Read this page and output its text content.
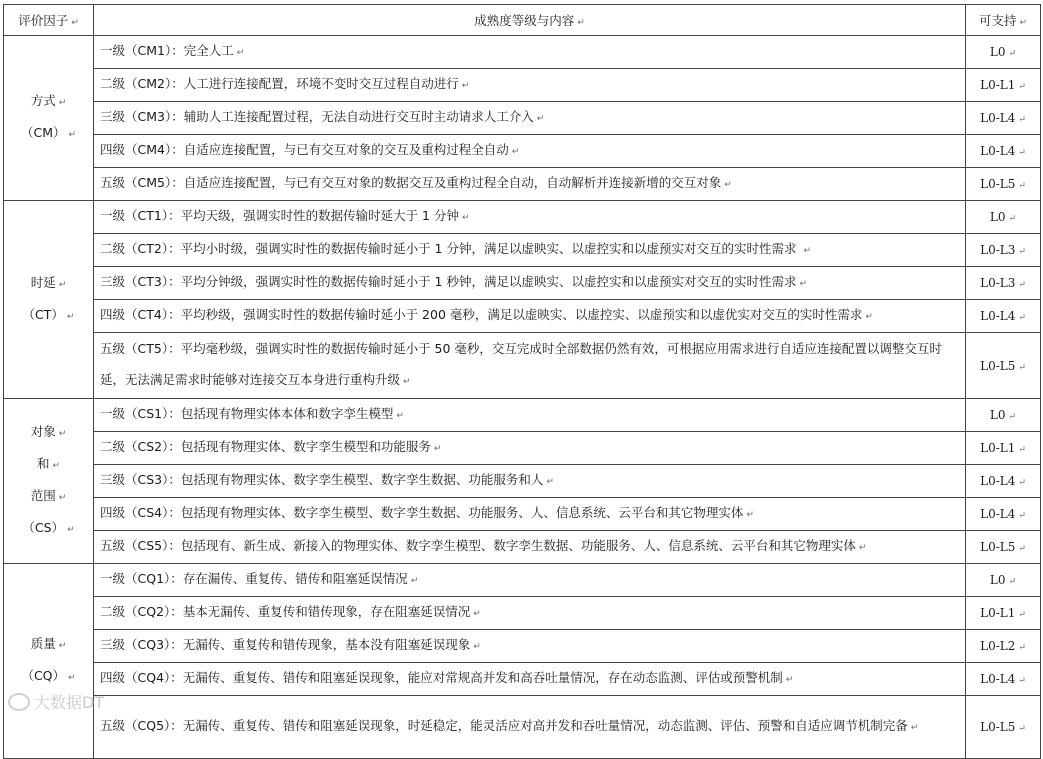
评价因子 ↵	成熟度等级与内容 ↵	可支持 ↵

方式 ↵
（CM） ↵	一级（CM1）：完全人工 ↵	L0 ↵
	二级（CM2）：人工进行连接配置，环境不变时交互过程自动进行 ↵	L0-L1 ↵
	三级（CM3）：辅助人工连接配置过程，无法自动进行交互时主动请求人工介入 ↵	L0-L4 ↵
	四级（CM4）：自适应连接配置，与已有交互对象的交互及重构过程全自动 ↵	L0-L4 ↵
	五级（CM5）：自适应连接配置，与已有交互对象的数据交互及重构过程全自动，自动解析并连接新增的交互对象 ↵	L0-L5 ↵

时延 ↵
（CT） ↵	一级（CT1）：平均天级，强调实时性的数据传输时延大于 1 分钟 ↵	L0 ↵
	二级（CT2）：平均小时级，强调实时性的数据传输时延小于 1 分钟，满足以虚映实、以虚控实和以虚预实对交互的实时性需求 ↵	L0-L3 ↵
	三级（CT3）：平均分钟级，强调实时性的数据传输时延小于 1 秒钟，满足以虚映实、以虚控实和以虚预实对交互的实时性需求 ↵	L0-L3 ↵
	四级（CT4）：平均秒级，强调实时性的数据传输时延小于 200 毫秒，满足以虚映实、以虚控实、以虚预实和以虚优实对交互的实时性需求 ↵	L0-L4 ↵
	五级（CT5）：平均毫秒级，强调实时性的数据传输时延小于 50 毫秒，交互完成时全部数据仍然有效，可根据应用需求进行自适应连接配置以调整交互时延，无法满足需求时能够对连接交互本身进行重构升级 ↵	L0-L5 ↵

对象 ↵
和 ↵
范围 ↵
（CS） ↵	一级（CS1）：包括现有物理实体本体和数字孪生模型 ↵	L0 ↵
	二级（CS2）：包括现有物理实体、数字孪生模型和功能服务 ↵	L0-L1 ↵
	三级（CS3）：包括现有物理实体、数字孪生模型、数字孪生数据、功能服务和人 ↵	L0-L4 ↵
	四级（CS4）：包括现有物理实体、数字孪生模型、数字孪生数据、功能服务、人、信息系统、云平台和其它物理实体 ↵	L0-L4 ↵
	五级（CS5）：包括现有、新生成、新接入的物理实体、数字孪生模型、数字孪生数据、功能服务、人、信息系统、云平台和其它物理实体 ↵	L0-L5 ↵

质量 ↵
（CQ） ↵	一级（CQ1）：存在漏传、重复传、错传和阻塞延误情况 ↵	L0 ↵
	二级（CQ2）：基本无漏传、重复传和错传现象，存在阻塞延误情况 ↵	L0-L1 ↵
	三级（CQ3）：无漏传、重复传和错传现象，基本没有阻塞延误现象 ↵	L0-L2 ↵
	四级（CQ4）：无漏传、重复传、错传和阻塞延误现象，能应对常规高并发和高吞吐量情况，存在动态监测、评估或预警机制 ↵	L0-L4 ↵
	五级（CQ5）：无漏传、重复传、错传和阻塞延误现象，时延稳定，能灵活应对高并发和吞吐量情况，动态监测、评估、预警和自适应调节机制完备 ↵	L0-L5 ↵
大数据DT
